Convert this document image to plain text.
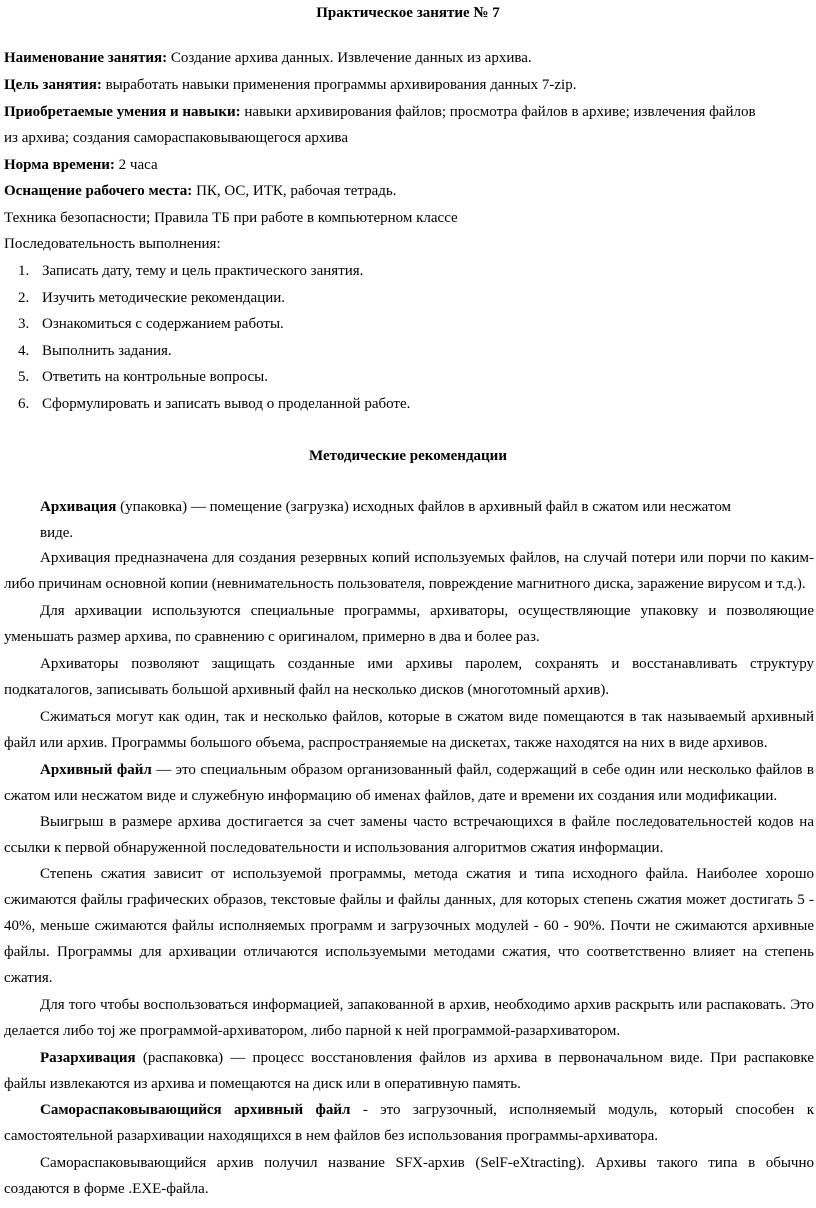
Практическое занятие № 7
Наименование занятия: Создание архива данных. Извлечение данных из архива.
Цель занятия: выработать навыки применения программы архивирования данных 7-zip.
Приобретаемые умения и навыки: навыки архивирования файлов; просмотра файлов в архиве; извлечения файлов
из архива; создания самораспаковывающегося архива
Норма времени: 2 часа
Оснащение рабочего места: ПК, ОС, ИТК, рабочая тетрадь.
Техника безопасности; Правила ТБ при работе в компьютерном классе
Последовательность выполнения:
1. Записать дату, тему и цель практического занятия.
2. Изучить методические рекомендации.
3. Ознакомиться с содержанием работы.
4. Выполнить задания.
5. Ответить на контрольные вопросы.
6. Сформулировать и записать вывод о проделанной работе.
Методические рекомендации

Архивация (упаковка) — помещение (загрузка) исходных файлов в архивный файл в сжатом или несжатом виде.

Архивация предназначена для создания резервных копий используемых файлов, на случай потери или порчи по каким-либо причинам основной копии (невнимательность пользователя, повреждение магнитного диска, заражение вирусом и т.д.).

Для архивации используются специальные программы, архиваторы, осуществляющие упаковку и позволяющие уменьшать размер архива, по сравнению с оригиналом, примерно в два и более раз.

Архиваторы позволяют защищать созданные ими архивы паролем, сохранять и восстанавливать структуру подкаталогов, записывать большой архивный файл на несколько дисков (многотомный архив).

Сжиматься могут как один, так и несколько файлов, которые в сжатом виде помещаются в так называемый архивный файл или архив. Программы большого объема, распространяемые на дискетах, также находятся на них в виде архивов.

Архивный файл — это специальным образом организованный файл, содержащий в себе один или несколько файлов в сжатом или несжатом виде и служебную информацию об именах файлов, дате и времени их создания или модификации.

Выигрыш в размере архива достигается за счет замены часто встречающихся в файле последовательностей кодов на ссылки к первой обнаруженной последовательности и использования алгоритмов сжатия информации.

Степень сжатия зависит от используемой программы, метода сжатия и типа исходного файла. Наиболее хорошо сжимаются файлы графических образов, текстовые файлы и файлы данных, для которых степень сжатия может достигать 5 - 40%, меньше сжимаются файлы исполняемых программ и загрузочных модулей - 60 - 90%. Почти не сжимаются архивные файлы. Программы для архивации отличаются используемыми методами сжатия, что соответственно влияет на степень сжатия.

Для того чтобы воспользоваться информацией, запакованной в архив, необходимо архив раскрыть или распаковать. Это делается либо тој же программой-архиватором, либо парной к ней программой-разархиватором.

Разархивация (распаковка) — процесс восстановления файлов из архива в первоначальном виде. При распаковке файлы извлекаются из архива и помещаются на диск или в оперативную память.

Самораспаковывающийся архивный файл - это загрузочный, исполняемый модуль, который способен к самостоятельной разархивации находящихся в нем файлов без использования программы-архиватора.

Самораспаковывающийся архив получил название SFX-архив (SelF-eXtracting). Архивы такого типа в обычно создаются в форме .EXE-файла.
